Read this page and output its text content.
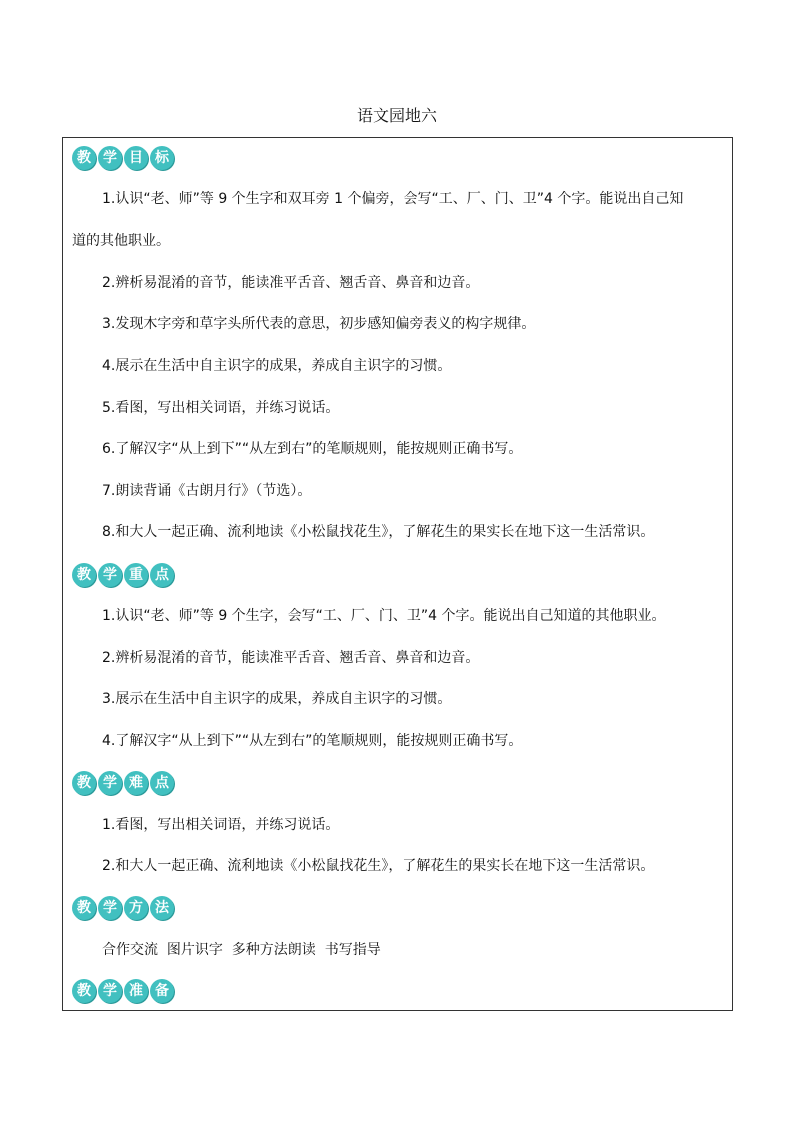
语文园地六
教 学 目 标
1.认识“老、师”等 9 个生字和双耳旁 1 个偏旁，会写“工、厂、门、卫”4 个字。能说出自己知
道的其他职业。
2.辨析易混淆的音节，能读准平舌音、翘舌音、鼻音和边音。
3.发现木字旁和草字头所代表的意思，初步感知偏旁表义的构字规律。
4.展示在生活中自主识字的成果，养成自主识字的习惯。
5.看图，写出相关词语，并练习说话。
6.了解汉字“从上到下”“从左到右”的笔顺规则，能按规则正确书写。
7.朗读背诵《古朗月行》（节选）。
8.和大人一起正确、流利地读《小松鼠找花生》，了解花生的果实长在地下这一生活常识。
教 学 重 点
1.认识“老、师”等 9 个生字，会写“工、厂、门、卫”4 个字。能说出自己知道的其他职业。
2.辨析易混淆的音节，能读准平舌音、翘舌音、鼻音和边音。
3.展示在生活中自主识字的成果，养成自主识字的习惯。
4.了解汉字“从上到下”“从左到右”的笔顺规则，能按规则正确书写。
教 学 难 点
1.看图，写出相关词语，并练习说话。
2.和大人一起正确、流利地读《小松鼠找花生》，了解花生的果实长在地下这一生活常识。
教 学 方 法
合作交流  图片识字  多种方法朗读  书写指导
教 学 准 备
